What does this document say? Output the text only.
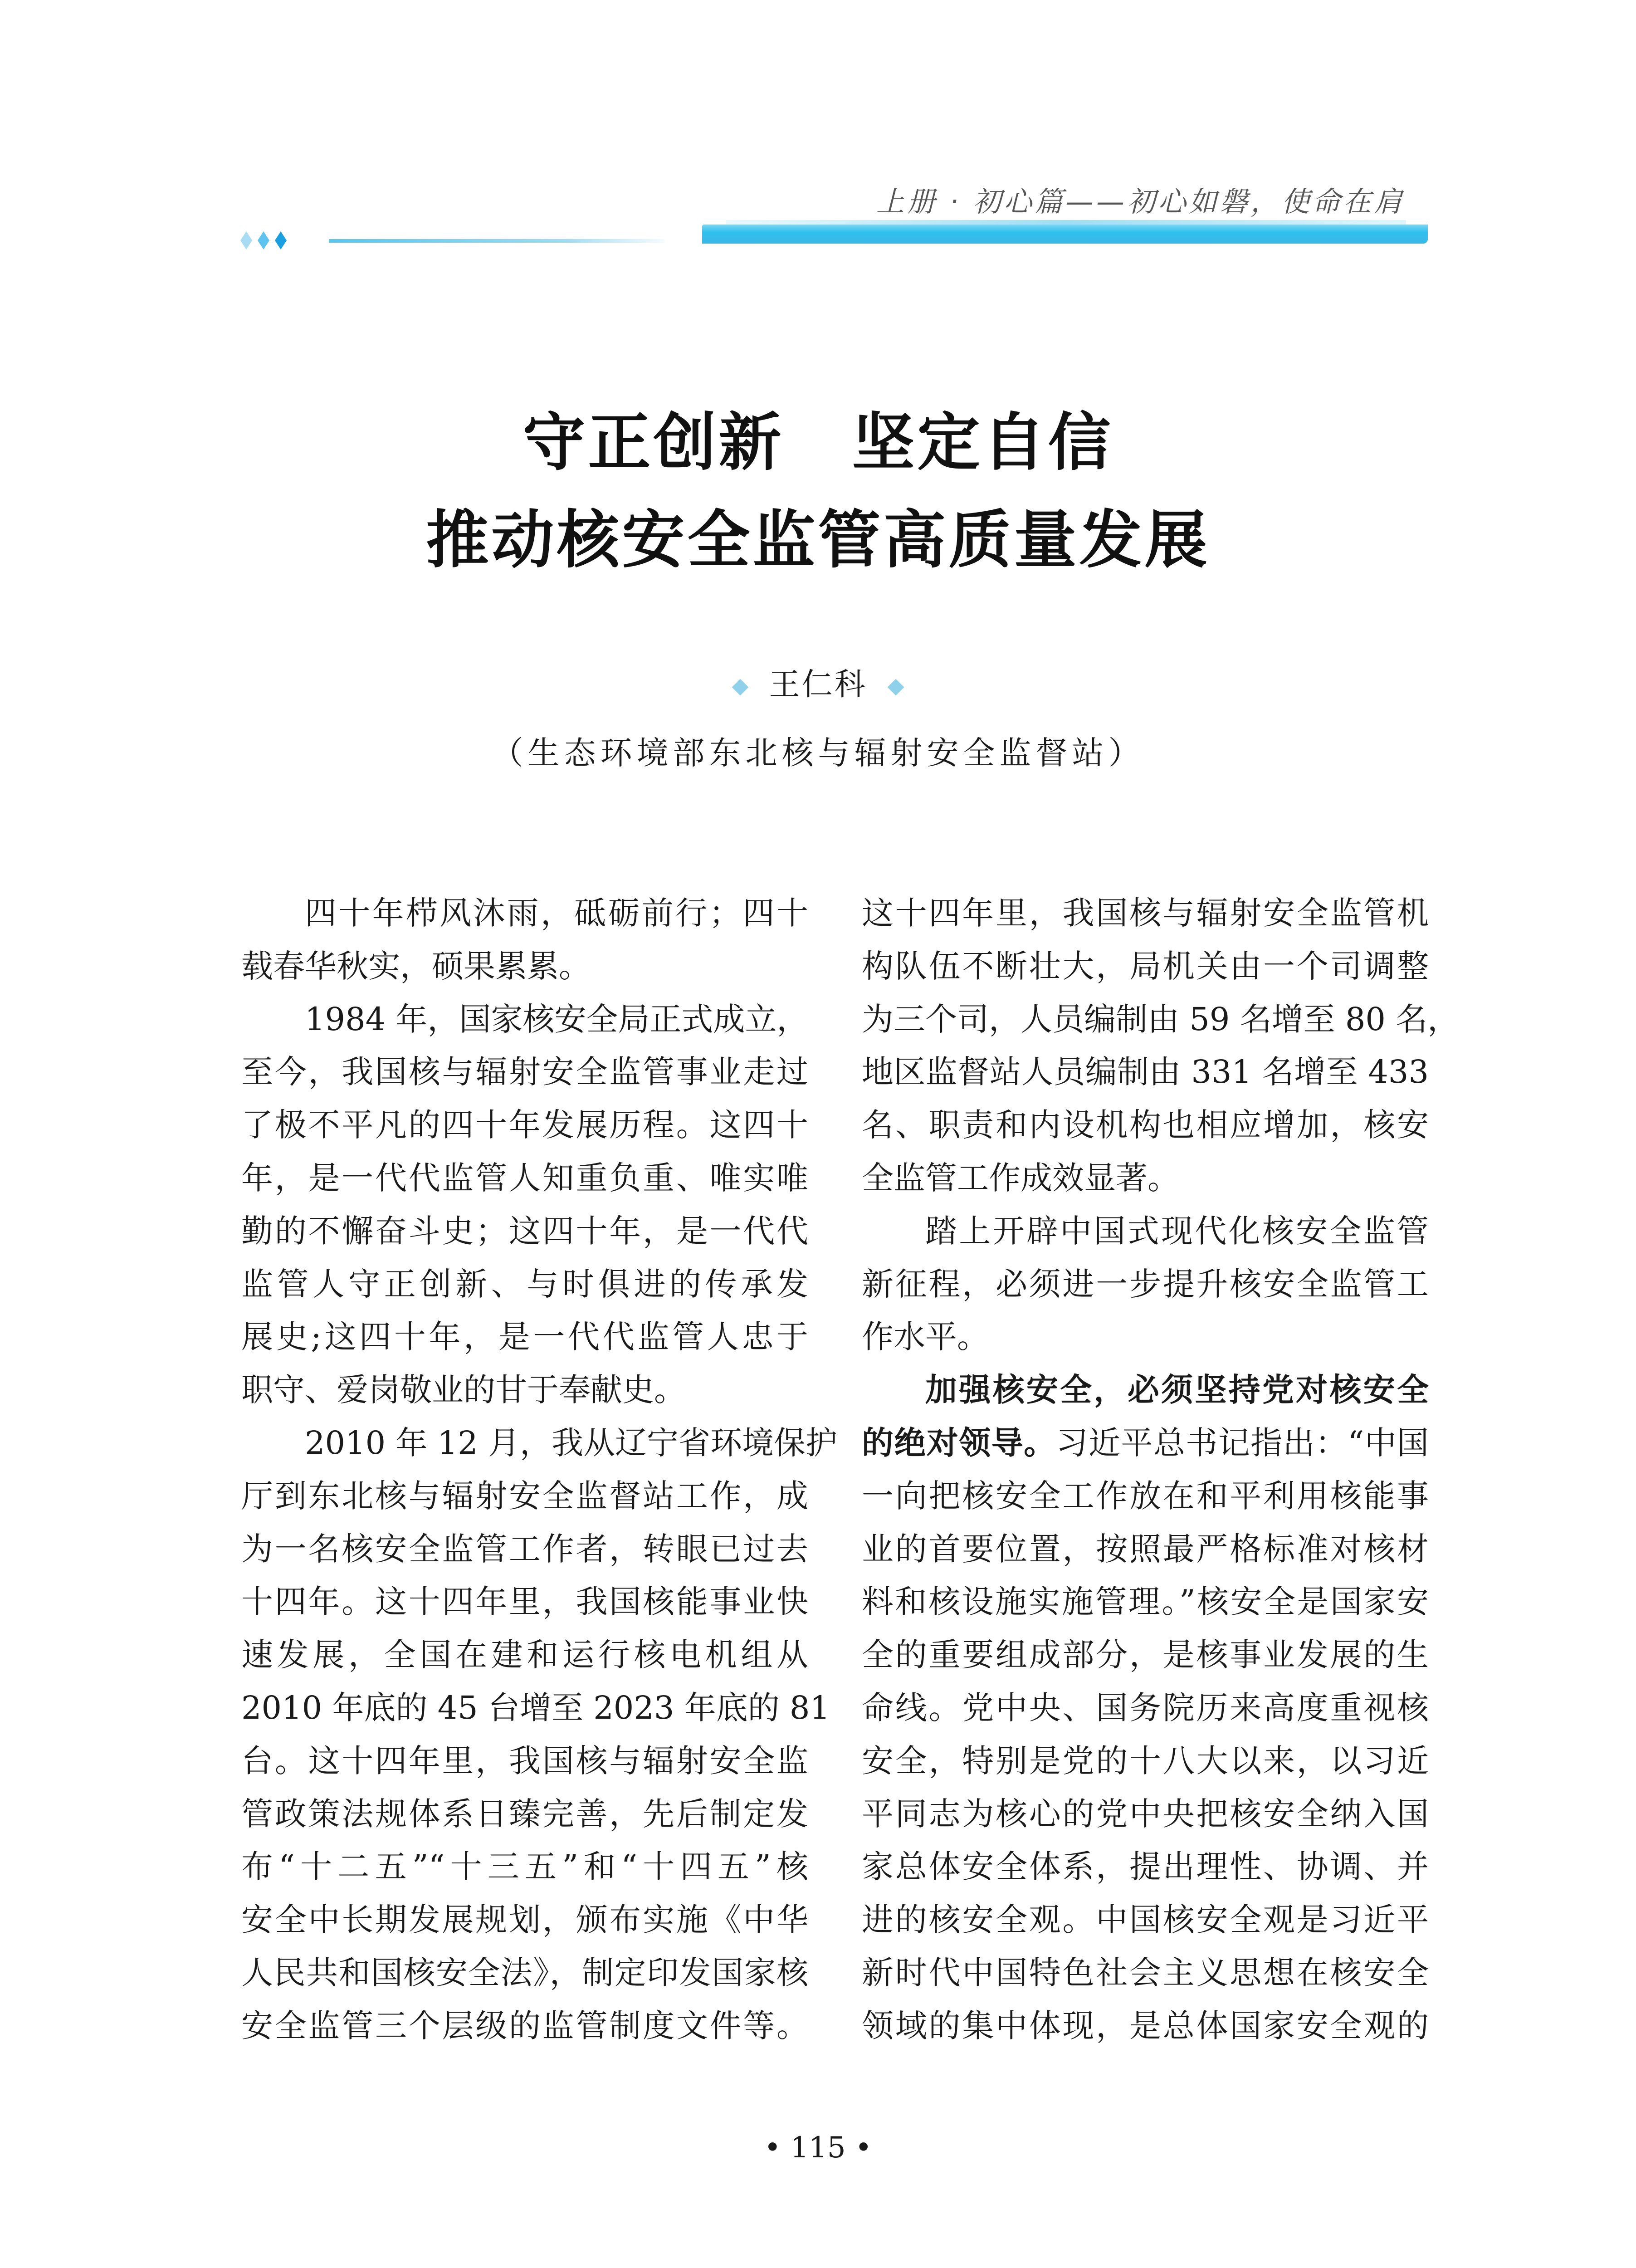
上册 · 初心篇——初心如磐，使命在肩
守正创新 坚定自信
推动核安全监管高质量发展
王仁科
（生态环境部东北核与辐射安全监督站）
四十年栉风沐雨，砥砺前行；四十
载春华秋实，硕果累累。
1984 年，国家核安全局正式成立，
至今，我国核与辐射安全监管事业走过
了极不平凡的四十年发展历程。这四十
年，是一代代监管人知重负重、唯实唯
勤的不懈奋斗史；这四十年，是一代代
监管人守正创新、与时俱进的传承发
展史;这四十年，是一代代监管人忠于
职守、爱岗敬业的甘于奉献史。
2010 年 12 月，我从辽宁省环境保护
厅到东北核与辐射安全监督站工作，成
为一名核安全监管工作者，转眼已过去
十四年。这十四年里，我国核能事业快
速发展，全国在建和运行核电机组从
2010 年底的 45 台增至 2023 年底的 81
台。这十四年里，我国核与辐射安全监
管政策法规体系日臻完善，先后制定发
布“十二五”“十三五”和“十四五”核
安全中长期发展规划，颁布实施《中华
人民共和国核安全法》，制定印发国家核
安全监管三个层级的监管制度文件等。
这十四年里，我国核与辐射安全监管机
构队伍不断壮大，局机关由一个司调整
为三个司，人员编制由 59 名增至 80 名，
地区监督站人员编制由 331 名增至 433
名、职责和内设机构也相应增加，核安
全监管工作成效显著。
踏上开辟中国式现代化核安全监管
新征程，必须进一步提升核安全监管工
作水平。
加强核安全，必须坚持党对核安全
的绝对领导。习近平总书记指出：“中国
一向把核安全工作放在和平利用核能事
业的首要位置，按照最严格标准对核材
料和核设施实施管理。”核安全是国家安
全的重要组成部分，是核事业发展的生
命线。党中央、国务院历来高度重视核
安全，特别是党的十八大以来，以习近
平同志为核心的党中央把核安全纳入国
家总体安全体系，提出理性、协调、并
进的核安全观。中国核安全观是习近平
新时代中国特色社会主义思想在核安全
领域的集中体现，是总体国家安全观的
• 115 •
